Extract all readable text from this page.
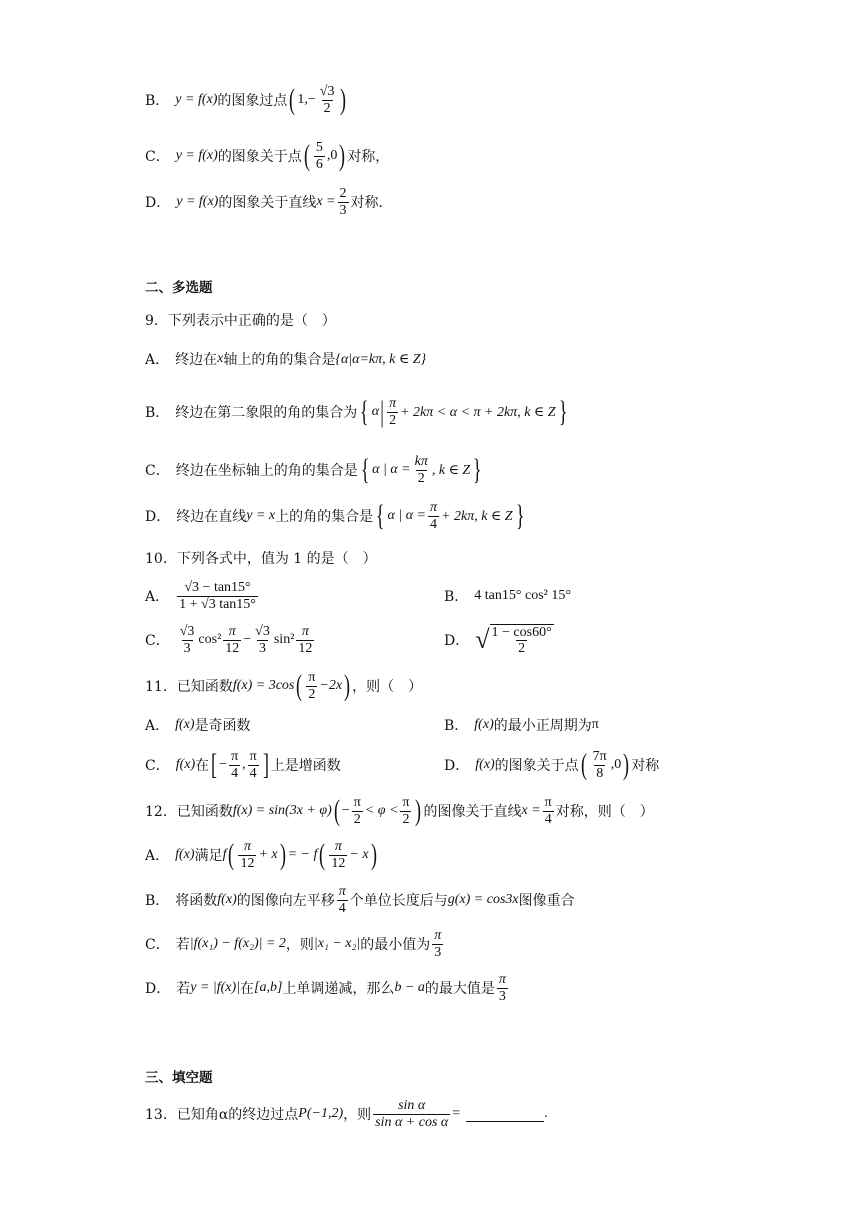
B． y = f(x) 的图象过点 ( $1,- \frac{√3}{2}$ )
C． y = f(x) 的图象关于点 ( $\frac{5}{6} ,0$ ) 对称，
D． y = f(x) 的图象关于直线 $x = \frac{2}{3}$ 对称．
二、多选题
9．下列表示中正确的是（　）
A． 终边在 x 轴上的角的集合是 {α|α=kπ, k ∈ Z}
B． 终边在第二象限的角的集合为 { α | $\frac{\pi}{2} + 2k\pi < \alpha < \pi + 2k\pi$, k ∈ Z }
C． 终边在坐标轴上的角的集合是 { α | $\alpha = \frac{k\pi}{2}$ , k ∈ Z }
D． 终边在直线 y = x 上的角的集合是 { α | $\alpha = \frac{\pi}{4} + 2k\pi$, k ∈ Z }
10．下列各式中，值为 1 的是（　）
A． $\frac{√3 - \tan 15^\circ}{1 + √3 \tan 15^\circ}$	B． 4 tan15° cos² 15°
C． $\frac{√3}{3} \cos^2 \frac{\pi}{12} - \frac{√3}{3} \sin^2 \frac{\pi}{12}$	D． √ $\frac{1 - \cos 60^\circ}{2}$
11．已知函数 f(x) = 3cos ( $\frac{\pi}{2} -2x$ ) ，则（　）
A． f(x) 是奇函数	B． f(x) 的最小正周期为 π
C． f(x) 在 [ − $\frac{\pi}{4}$ , $\frac{\pi}{4}$ ] 上是增函数	D． f(x) 的图象关于点 ( $\frac{7\pi}{8} ,0$ ) 对称
12．已知函数 f(x) = sin(3x + φ) ( − $\frac{\pi}{2} < \varphi < \frac{\pi}{2}$ ) 的图像关于直线 $x = \frac{\pi}{4}$ 对称，则（　）
A． f(x) 满足 f ( $\frac{\pi}{12} + x$ ) = − f ( $\frac{\pi}{12} - x$ )
B． 将函数 f(x) 的图像向左平移 $\frac{\pi}{4}$ 个单位长度后与 g(x) = cos3x 图像重合
C． 若 |f(x₁) − f(x₂)| = 2 ，则 |x₁ − x₂| 的最小值为 $\frac{\pi}{3}$
D． 若 y = |f(x)| 在 [a,b] 上单调递减，那么 b − a 的最大值是 $\frac{\pi}{3}$
三、填空题
13．已知角α的终边过点 P(−1,2) ，则 $\frac{\text{sin α}}{\text{sin α + cos α}}$ =	.
